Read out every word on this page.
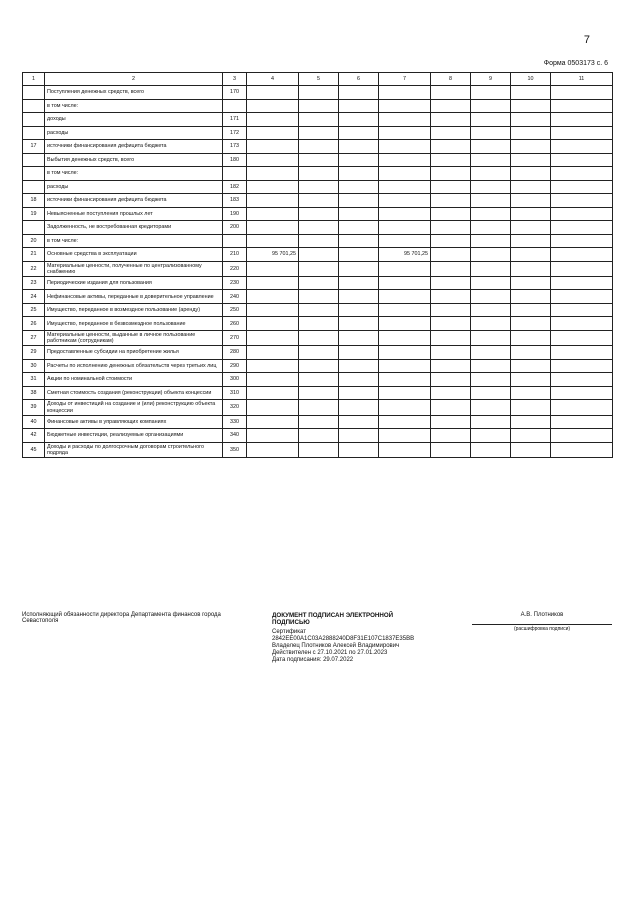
7
Форма 0503173 с. 6
1	2	3	4	5	6	7	8	9	10	11
	Поступления денежных средств, всего	170								
	в том числе:									
	доходы	171								
	расходы	172								
17	источники финансирования дефицита бюджета	173								
	Выбытия денежных средств, всего	180								
	в том числе:									
	расходы	182								
18	источники финансирования дефицита бюджета	183								
19	Невыясненные поступления прошлых лет	190								
	Задолженность, не востребованная кредиторами	200								
20	в том числе:									
21	Основные средства в эксплуатации	210	95 701,25			95 701,25				
22	Материальные ценности, полученные по централизованному снабжению	220								
23	Периодические издания для пользования	230								
24	Нефинансовые активы, переданные в доверительное управление	240								
25	Имущество, переданное в возмездное пользование (аренду)	250								
26	Имущество, переданное в безвозмездное пользование	260								
27	Материальные ценности, выданные в личное пользование работникам (сотрудникам)	270								
29	Предоставленные субсидии на приобретение жилья	280								
30	Расчеты по исполнению денежных обязательств через третьих лиц	290								
31	Акции по номинальной стоимости	300								
38	Сметная стоимость создания (реконструкции) объекта концессии	310								
39	Доходы от инвестиций на создание и (или) реконструкцию объекта концессии	320								
40	Финансовые активы в управляющих компаниях	330								
42	Бюджетные инвестиции, реализуемые организациями	340								
45	Доходы и расходы по долгосрочным договорам строительного подряда	350								
Исполняющий обязанности директора Департамента финансов города Севастополя
ДОКУМЕНТ ПОДПИСАН ЭЛЕКТРОННОЙ ПОДПИСЬЮ
Сертификат
2842EE00A1C03A2888240D8F31E107C1837E35BB
Владелец Плотников Алексей Владимирович
Действителен с 27.10.2021 по 27.01.2023
Дата подписания: 29.07.2022
А.В. Плотников
(расшифровка подписи)
